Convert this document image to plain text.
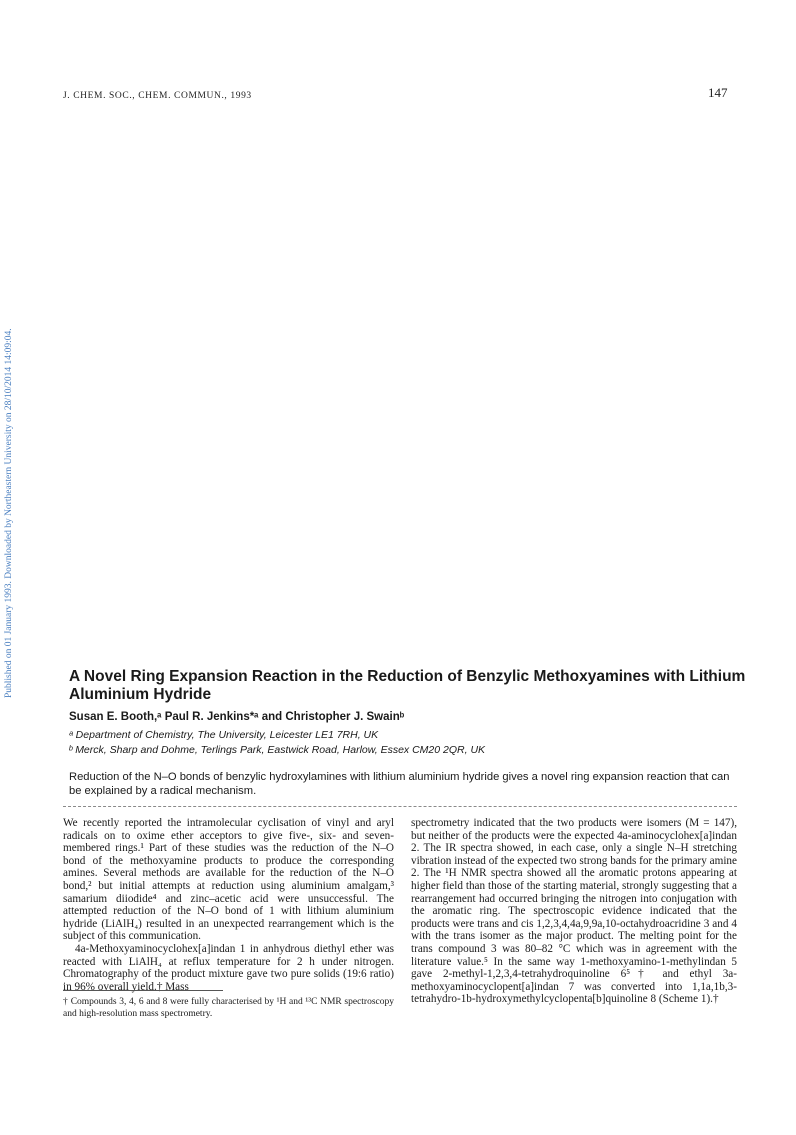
J. CHEM. SOC., CHEM. COMMUN., 1993	147
Published on 01 January 1993. Downloaded by Northeastern University on 28/10/2014 14:09:04.	A Novel Ring Expansion Reaction in the Reduction of Benzylic Methoxyamines with Lithium Aluminium Hydride
Susan E. Booth,ᵃ Paul R. Jenkins*ᵃ and Christopher J. Swainᵇ
ᵃ Department of Chemistry, The University, Leicester LE1 7RH, UK
ᵇ Merck, Sharp and Dohme, Terlings Park, Eastwick Road, Harlow, Essex CM20 2QR, UK
Reduction of the N–O bonds of benzylic hydroxylamines with lithium aluminium hydride gives a novel ring expansion reaction that can be explained by a radical mechanism.

We recently reported the intramolecular cyclisation of vinyl and aryl radicals on to oxime ether acceptors to give five-, six- and seven-membered rings.¹ Part of these studies was the reduction of the N–O bond of the methoxyamine products to produce the corresponding amines. Several methods are available for the reduction of the N–O bond,² but initial attempts at reduction using aluminium amalgam,³ samarium diiodide⁴ and zinc–acetic acid were unsuccessful. The attempted reduction of the N–O bond of 1 with lithium aluminium hydride (LiAlH₄) resulted in an unexpected rearrangement which is the subject of this communication.

4a-Methoxyaminocyclohex[a]indan 1 in anhydrous diethyl ether was reacted with LiAlH₄ at reflux temperature for 2 h under nitrogen. Chromatography of the product mixture gave two pure solids (19:6 ratio) in 96% overall yield.† Mass

spectrometry indicated that the two products were isomers (M = 147), but neither of the products were the expected 4a-aminocyclohex[a]indan 2. The IR spectra showed, in each case, only a single N–H stretching vibration instead of the expected two strong bands for the primary amine 2. The ¹H NMR spectra showed all the aromatic protons appearing at higher field than those of the starting material, strongly suggesting that a rearrangement had occurred bringing the nitrogen into conjugation with the aromatic ring. The spectroscopic evidence indicated that the products were trans and cis 1,2,3,4,4a,9,9a,10-octahydroacridine 3 and 4 with the trans isomer as the major product. The melting point for the trans compound 3 was 80–82 °C which was in agreement with the literature value.⁵ In the same way 1-methoxyamino-1-methylindan 5 gave 2-methyl-1,2,3,4-tetrahydroquinoline 6⁵† and ethyl 3a-methoxyaminocyclopent[a]indan 7 was converted into 1,1a,1b,3-tetrahydro-1b-hydroxymethylcyclopenta[b]quinoline 8 (Scheme 1).†

† Compounds 3, 4, 6 and 8 were fully characterised by ¹H and ¹³C NMR spectroscopy and high-resolution mass spectrometry.
